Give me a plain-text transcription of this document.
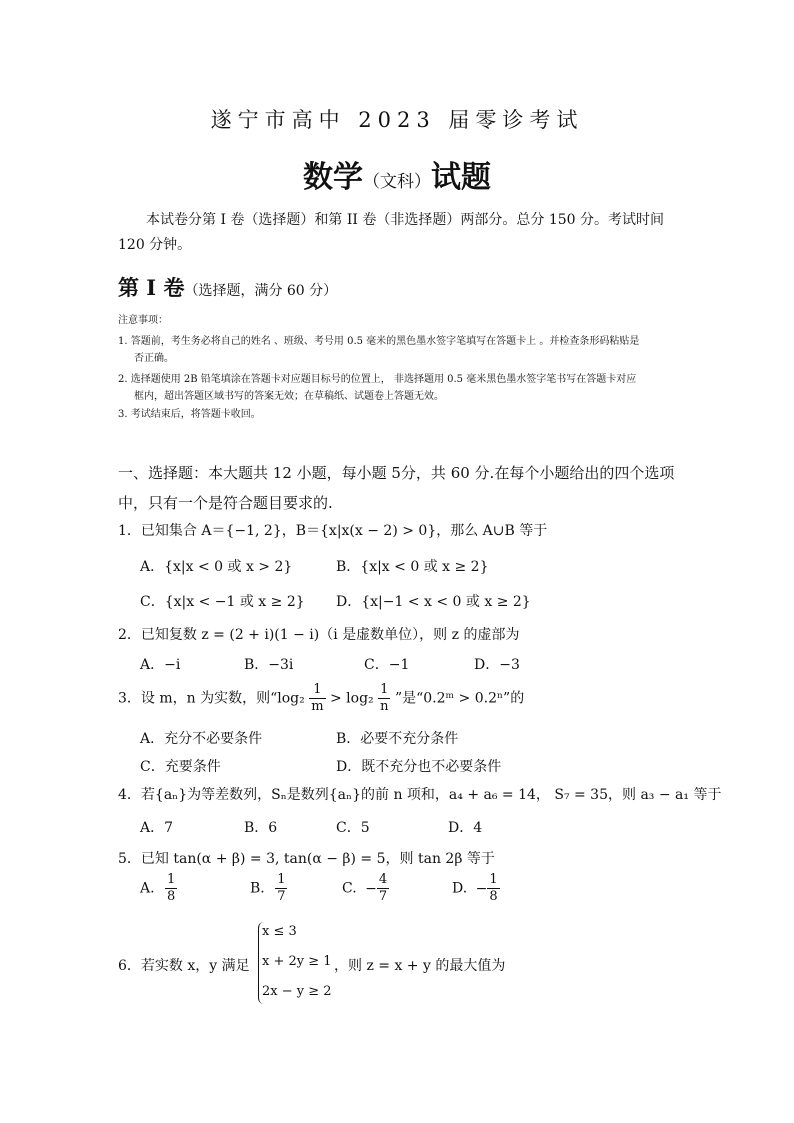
遂宁市高中 2023 届零诊考试
数学（文科）试题
本试卷分第 I 卷（选择题）和第 II 卷（非选择题）两部分。总分 150 分。考试时间 120 分钟。
第 Ⅰ 卷（选择题，满分 60 分）
注意事项：
1. 答题前，考生务必将自己的姓名 、班级、考号用 0.5 毫米的黑色墨水签字笔填写在答题卡上 。并检查条形码粘贴是
否正确。
2. 选择题使用 2B 铅笔填涂在答题卡对应题目标号的位置上， 非选择题用 0.5 毫米黑色墨水签字笔书写在答题卡对应
框内，超出答题区域书写的答案无效；在草稿纸、试题卷上答题无效。
3. 考试结束后，将答题卡收回。
一、选择题：本大题共 12 小题，每小题 5分，共 60 分.在每个小题给出的四个选项中，只有一个是符合题目要求的.
1．已知集合 A＝{−1, 2}，B＝{x|x(x − 2) > 0}，那么 A∪B 等于
A．{x|x < 0 或 x > 2}	B．{x|x < 0 或 x ≥ 2}
C．{x|x < −1 或 x ≥ 2} D．{x|−1 < x < 0 或 x ≥ 2}
2．已知复数 z = (2 + i)(1 − i)（i 是虚数单位），则 z 的虚部为
A．−i	B．−3i	C．−1	D．−3
3．设 m，n 为实数，则“$\log_2 \frac{1}{m} > \log_2 \frac{1}{n}$ ”是“0.2ᵐ > 0.2ⁿ”的
A．充分不必要条件	B．必要不充分条件
C．充要条件	D．既不充分也不必要条件
4．若{aₙ}为等差数列，Sₙ是数列{aₙ}的前 n 项和，a₄ + a₆ = 14， S₇ = 35，则 a₃ − a₁ 等于
A．7	B．6	C．5	D．4
5．已知 tan(α + β) = 3, tan(α − β) = 5，则 tan 2β 等于
A. $\frac{1}{8}$	B. $\frac{1}{7}$	C. − $\frac{4}{7}$	D. − $\frac{1}{8}$
6．若实数 x，y 满足
x ≤ 3
x + 2y ≥ 1
2x − y ≥ 2
，则 z = x + y 的最大值为
